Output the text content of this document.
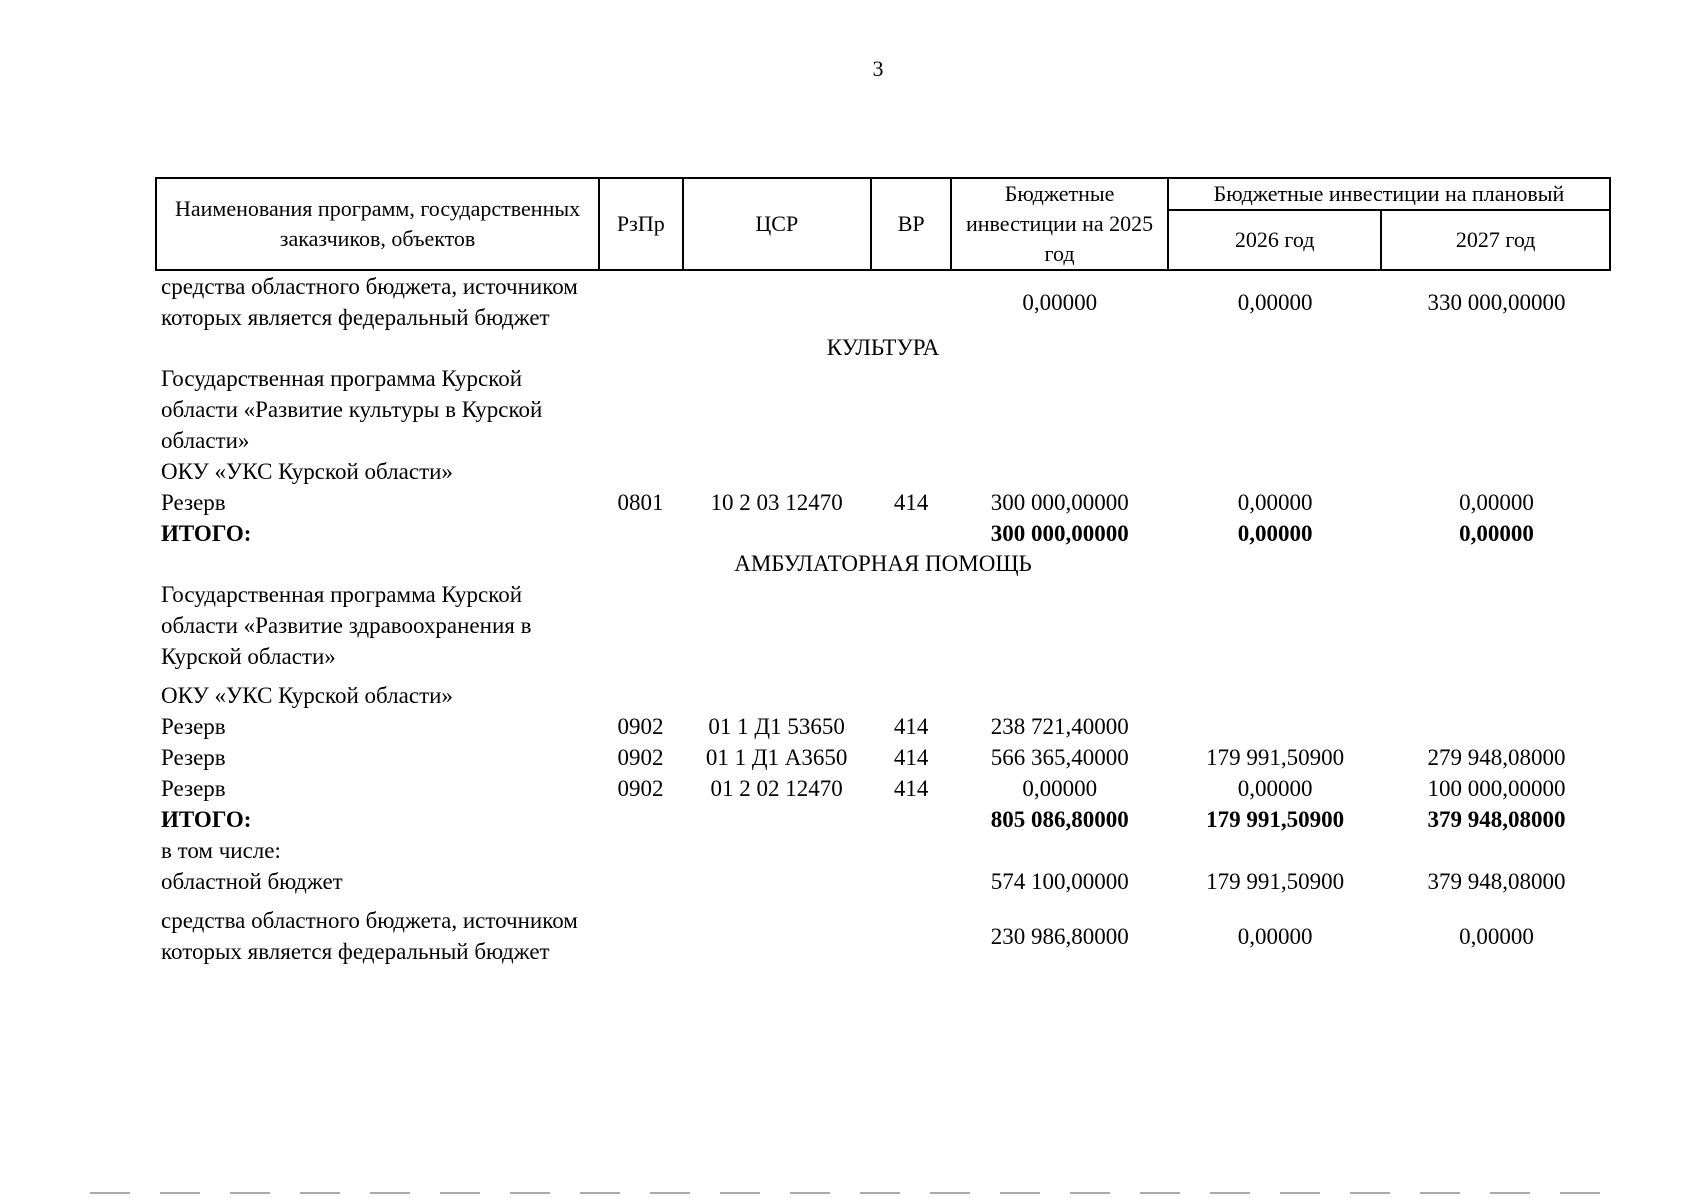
3
Наименования программ, государственных заказчиков, объектов	РзПр	ЦСР	ВР	Бюджетные инвестиции на 2025 год	Бюджетные инвестиции на плановый	
					2026 год	2027 год
средства областного бюджета, источником которых является федеральный бюджет				0,00000	0,00000	330 000,00000
КУЛЬТУРА						
Государственная программа Курской области «Развитие культуры в Курской области»						
ОКУ «УКС Курской области»						
Резерв	0801	10 2 03 12470	414	300 000,00000	0,00000	0,00000
ИТОГО:				300 000,00000	0,00000	0,00000
АМБУЛАТОРНАЯ ПОМОЩЬ						
Государственная программа Курской области «Развитие здравоохранения в Курской области»						

ОКУ «УКС Курской области»						
Резерв	0902	01 1 Д1 53650	414	238 721,40000		
Резерв	0902	01 1 Д1 А3650	414	566 365,40000	179 991,50900	279 948,08000
Резерв	0902	01 2 02 12470	414	0,00000	0,00000	100 000,00000
ИТОГО:				805 086,80000	179 991,50900	379 948,08000
в том числе:						
областной бюджет				574 100,00000	179 991,50900	379 948,08000

средства областного бюджета, источником которых является федеральный бюджет				230 986,80000	0,00000	0,00000
